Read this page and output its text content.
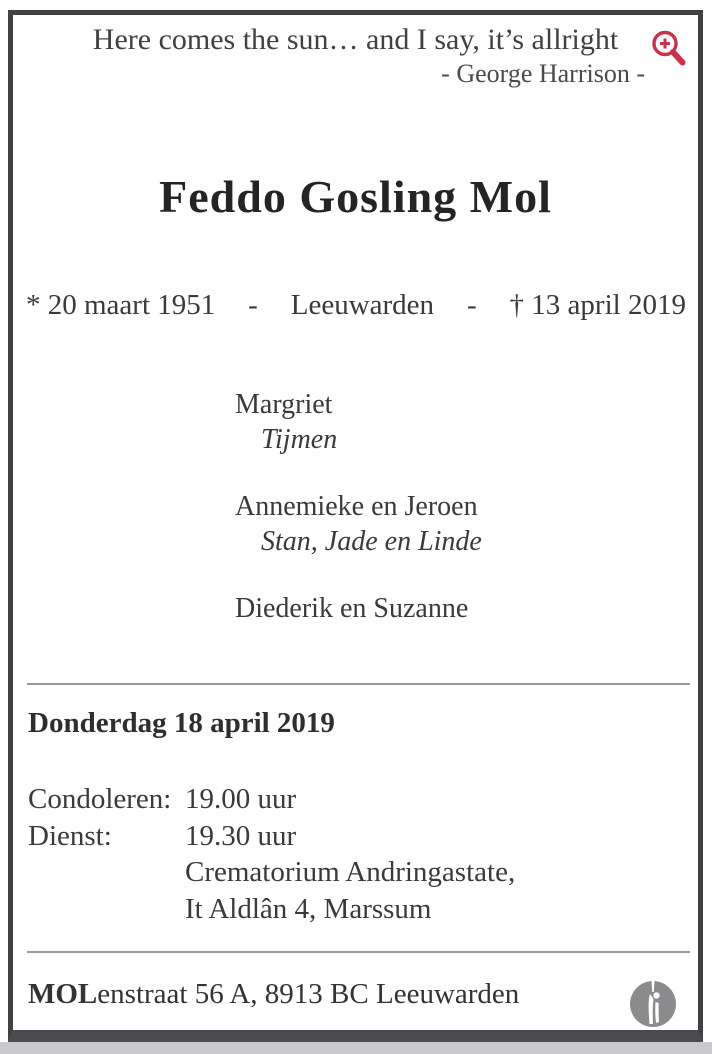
Here comes the sun… and I say, it’s allright
- George Harrison -
Feddo Gosling Mol
* 20 maart 1951 - Leeuwarden - † 13 april 2019
Margriet
Tijmen
Annemieke en Jeroen
Stan, Jade en Linde
Diederik en Suzanne
Donderdag 18 april 2019
Condoleren: 19.00 uur
Dienst:	19.30 uur
Crematorium Andringastate,
It Aldlân 4, Marssum
MOLenstraat 56 A, 8913 BC Leeuwarden
